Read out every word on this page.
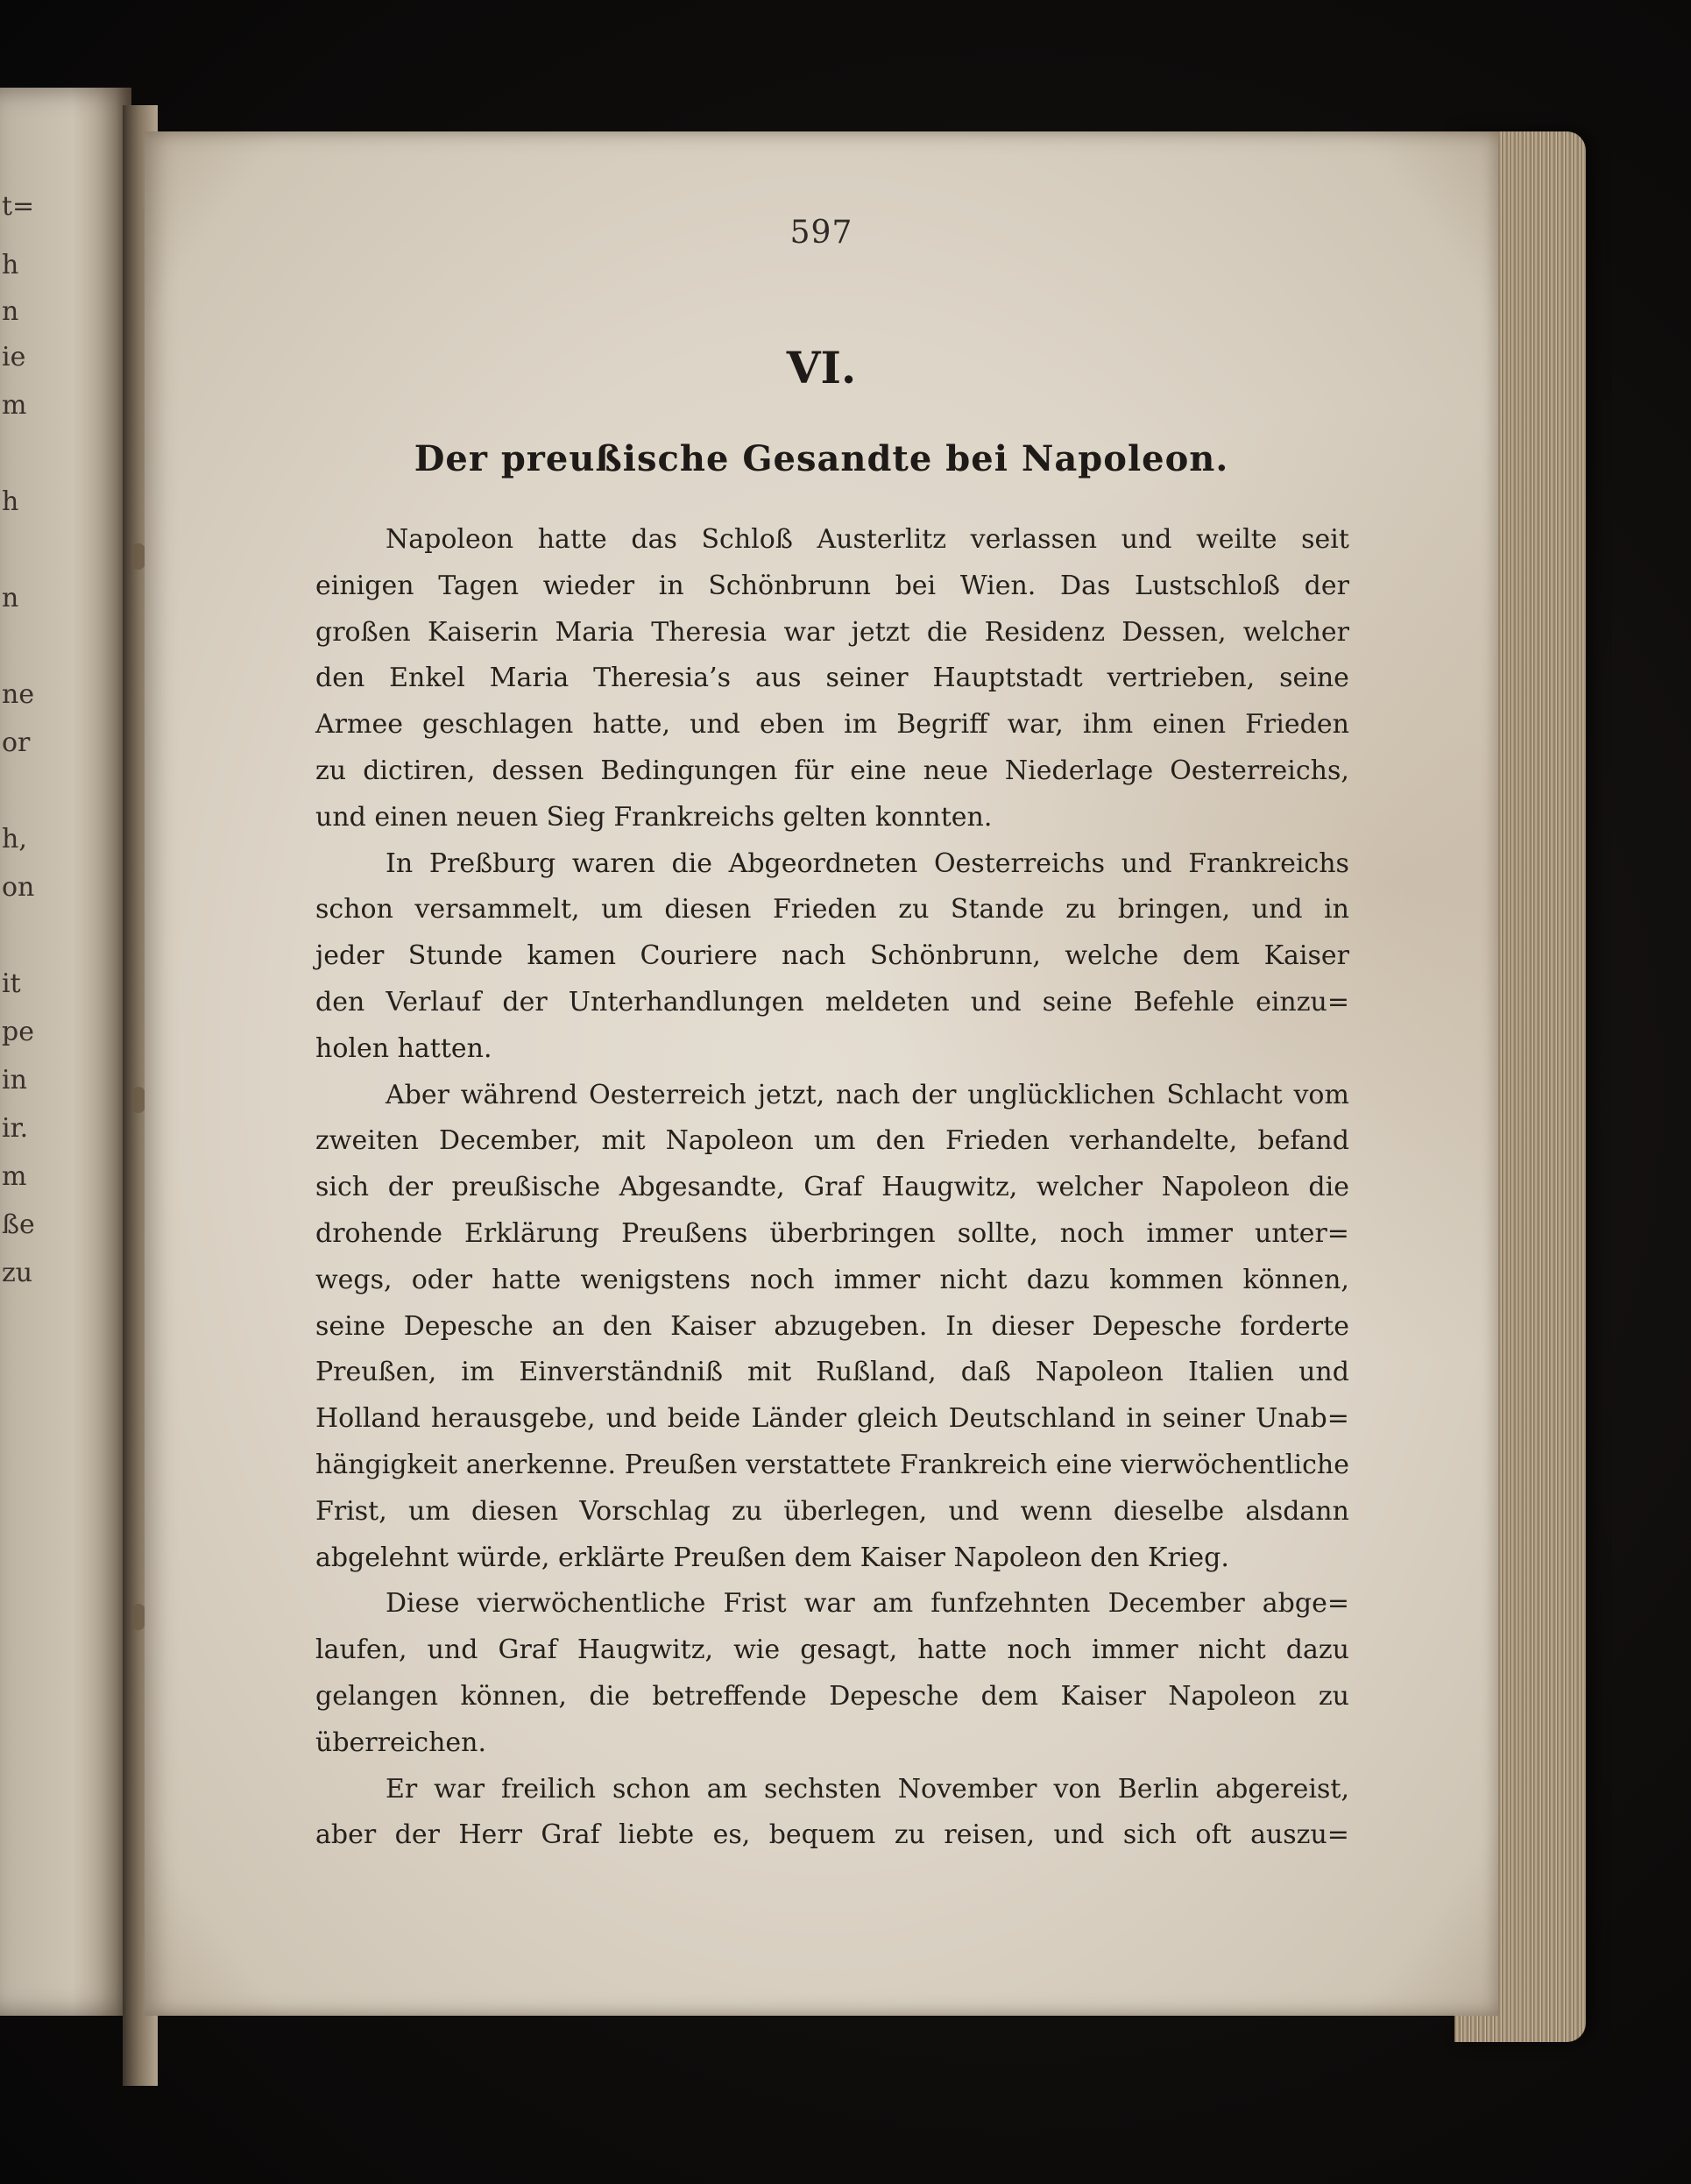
t=
h
n
ie
m
h
n
ne
or
h,
on
it
pe
in
ir.
m
ße
zu
597
VI.
Der preußische Gesandte bei Napoleon.
Napoleon hatte das Schloß Austerlitz verlassen und weilte seit
einigen Tagen wieder in Schönbrunn bei Wien. Das Lustschloß der
großen Kaiserin Maria Theresia war jetzt die Residenz Dessen, welcher
den Enkel Maria Theresia’s aus seiner Hauptstadt vertrieben, seine
Armee geschlagen hatte, und eben im Begriff war, ihm einen Frieden
zu dictiren, dessen Bedingungen für eine neue Niederlage Oesterreichs,
und einen neuen Sieg Frankreichs gelten konnten.
In Preßburg waren die Abgeordneten Oesterreichs und Frankreichs
schon versammelt, um diesen Frieden zu Stande zu bringen, und in
jeder Stunde kamen Couriere nach Schönbrunn, welche dem Kaiser
den Verlauf der Unterhandlungen meldeten und seine Befehle einzu=
holen hatten.
Aber während Oesterreich jetzt, nach der unglücklichen Schlacht vom
zweiten December, mit Napoleon um den Frieden verhandelte, befand
sich der preußische Abgesandte, Graf Haugwitz, welcher Napoleon die
drohende Erklärung Preußens überbringen sollte, noch immer unter=
wegs, oder hatte wenigstens noch immer nicht dazu kommen können,
seine Depesche an den Kaiser abzugeben. In dieser Depesche forderte
Preußen, im Einverständniß mit Rußland, daß Napoleon Italien und
Holland herausgebe, und beide Länder gleich Deutschland in seiner Unab=
hängigkeit anerkenne. Preußen verstattete Frankreich eine vierwöchentliche
Frist, um diesen Vorschlag zu überlegen, und wenn dieselbe alsdann
abgelehnt würde, erklärte Preußen dem Kaiser Napoleon den Krieg.
Diese vierwöchentliche Frist war am funfzehnten December abge=
laufen, und Graf Haugwitz, wie gesagt, hatte noch immer nicht dazu
gelangen können, die betreffende Depesche dem Kaiser Napoleon zu
überreichen.
Er war freilich schon am sechsten November von Berlin abgereist,
aber der Herr Graf liebte es, bequem zu reisen, und sich oft auszu=
